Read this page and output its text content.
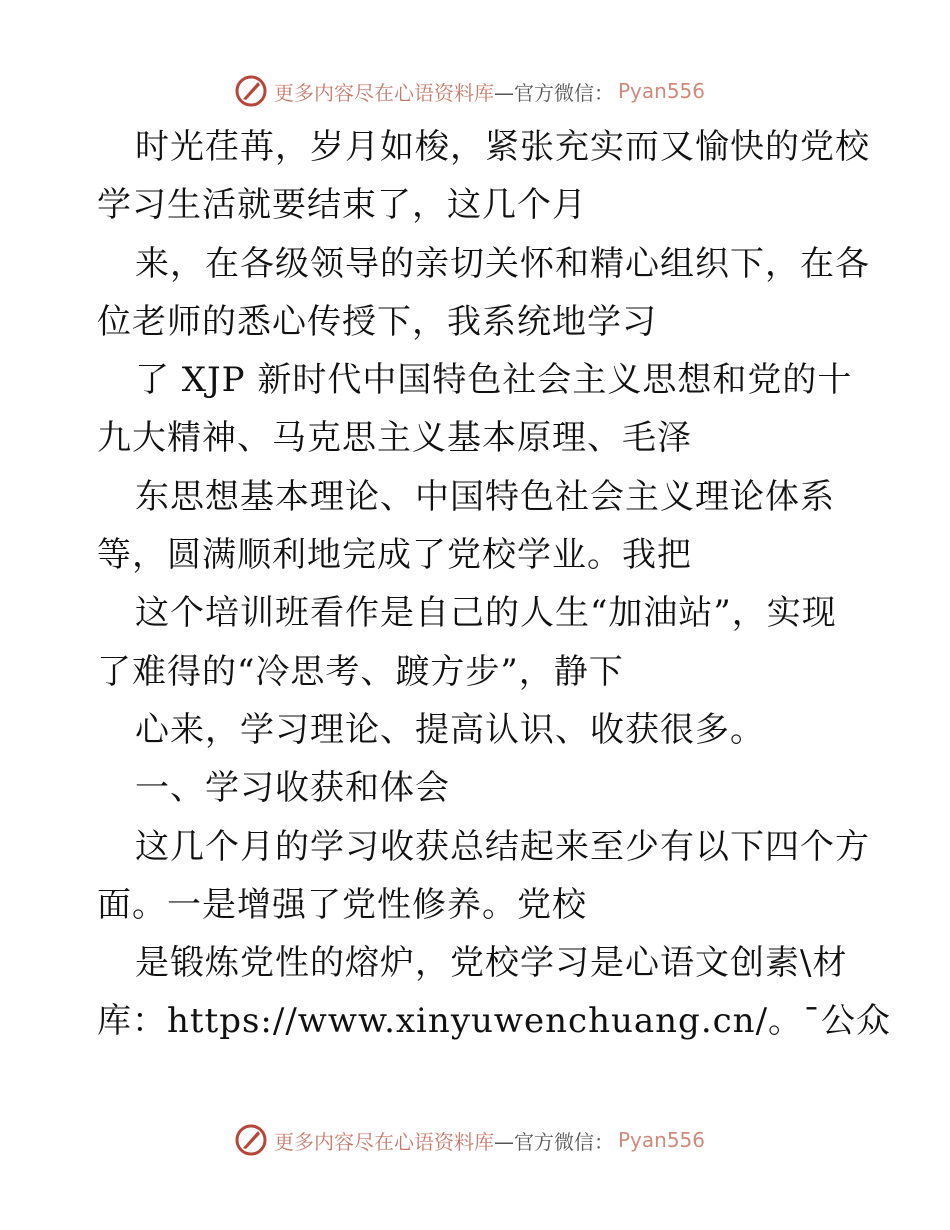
更多内容尽在心语资料库 —官方微信： Pyan556
时光荏苒，岁月如梭，紧张充实而又愉快的党校
学习生活就要结束了，这几个月
来，在各级领导的亲切关怀和精心组织下，在各
位老师的悉心传授下，我系统地学习
了 XJP 新时代中国特色社会主义思想和党的十
九大精神、马克思主义基本原理、毛泽
东思想基本理论、中国特色社会主义理论体系
等，圆满顺利地完成了党校学业。我把
这个培训班看作是自己的人生“加油站”，实现
了难得的“冷思考、踱方步”，静下
心来，学习理论、提高认识、收获很多。
一、学习收获和体会
这几个月的学习收获总结起来至少有以下四个方
面。一是增强了党性修养。党校
是锻炼党性的熔炉，党校学习是心语文创素\材
库：https://www.xinyuwenchuang.cn/。¯公众
更多内容尽在心语资料库 —官方微信： Pyan556
